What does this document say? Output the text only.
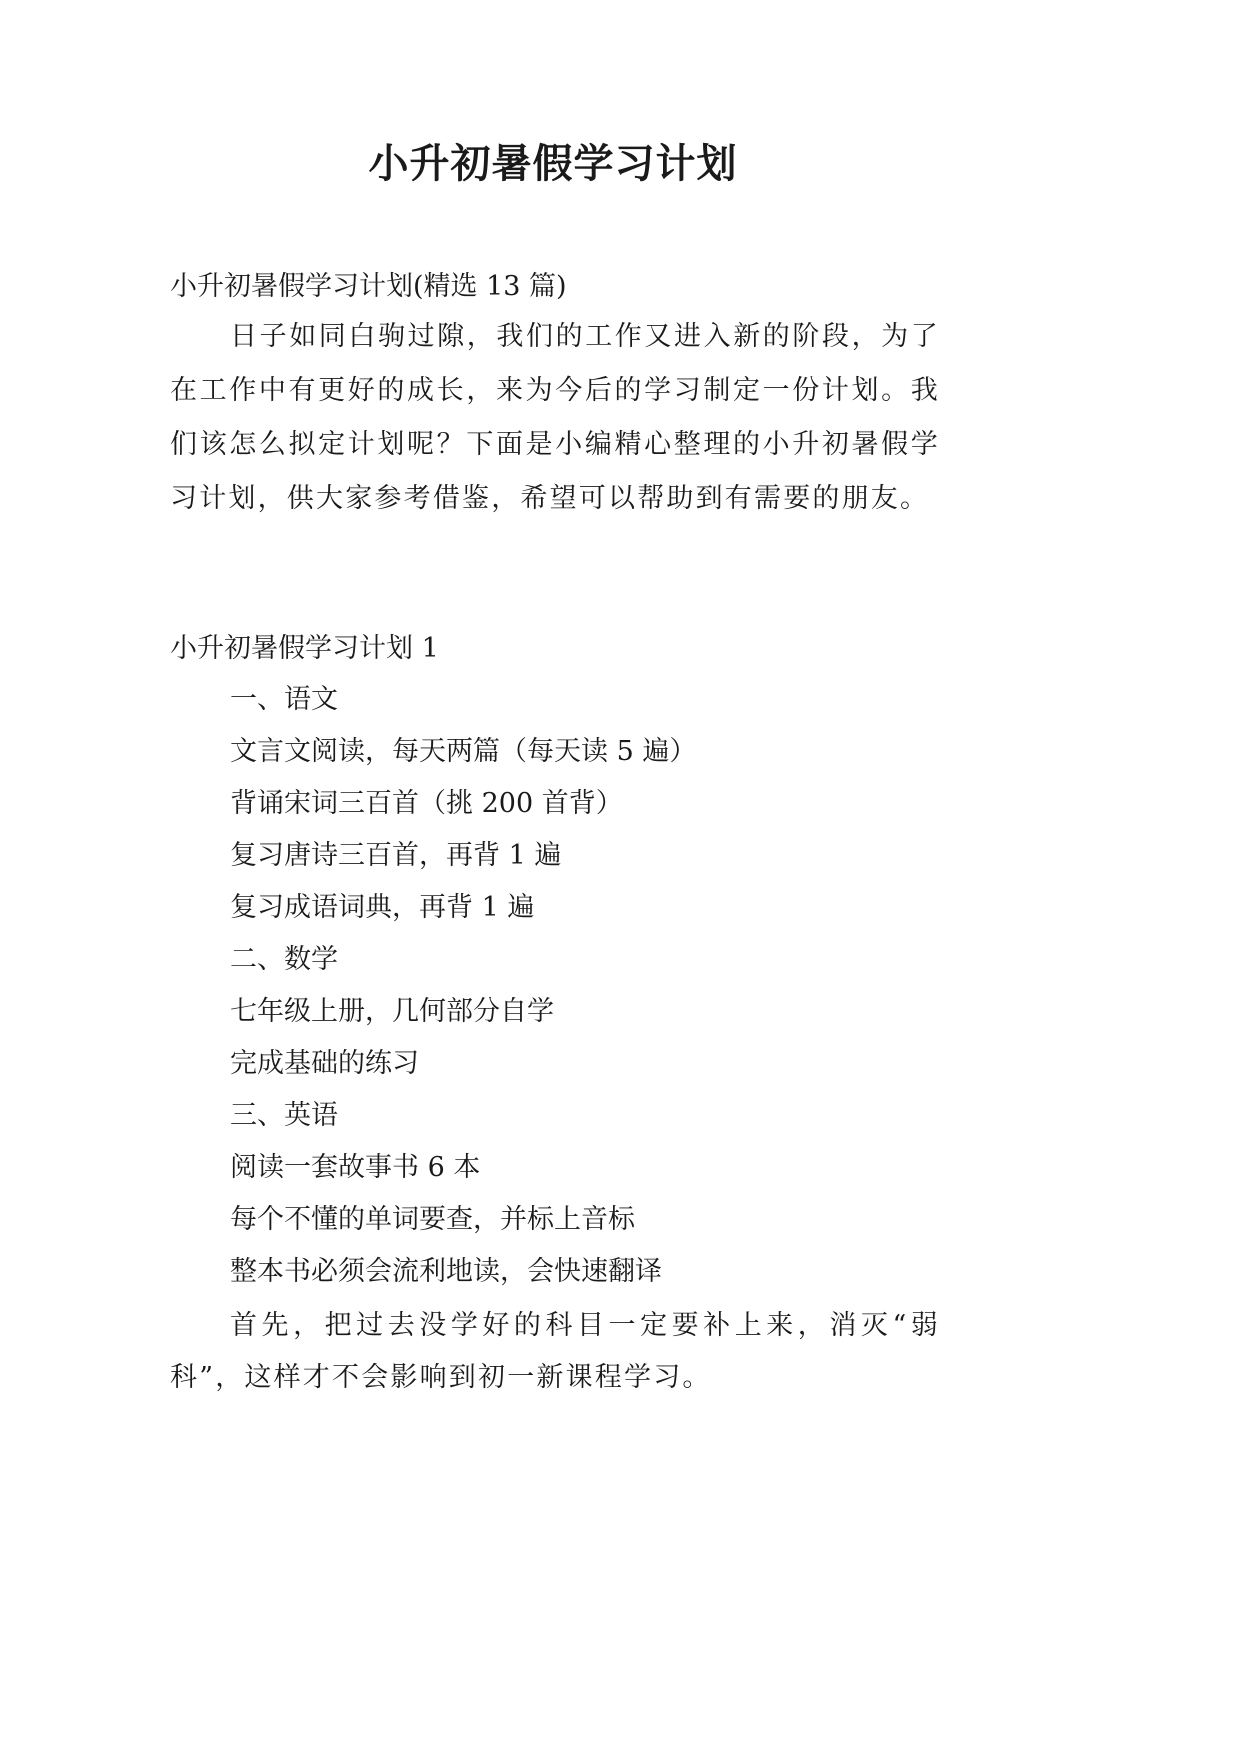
小升初暑假学习计划

小升初暑假学习计划(精选 13 篇)

日子如同白驹过隙，我们的工作又进入新的阶段，为了在工作中有更好的成长，来为今后的学习制定一份计划。我们该怎么拟定计划呢？下面是小编精心整理的小升初暑假学习计划，供大家参考借鉴，希望可以帮助到有需要的朋友。

小升初暑假学习计划 1

一、语文
文言文阅读，每天两篇（每天读 5 遍）
背诵宋词三百首（挑 200 首背）
复习唐诗三百首，再背 1 遍
复习成语词典，再背 1 遍
二、数学
七年级上册，几何部分自学
完成基础的练习
三、英语
阅读一套故事书 6 本
每个不懂的单词要查，并标上音标
整本书必须会流利地读，会快速翻译

首先，把过去没学好的科目一定要补上来，消灭“弱科”，这样才不会影响到初一新课程学习。
